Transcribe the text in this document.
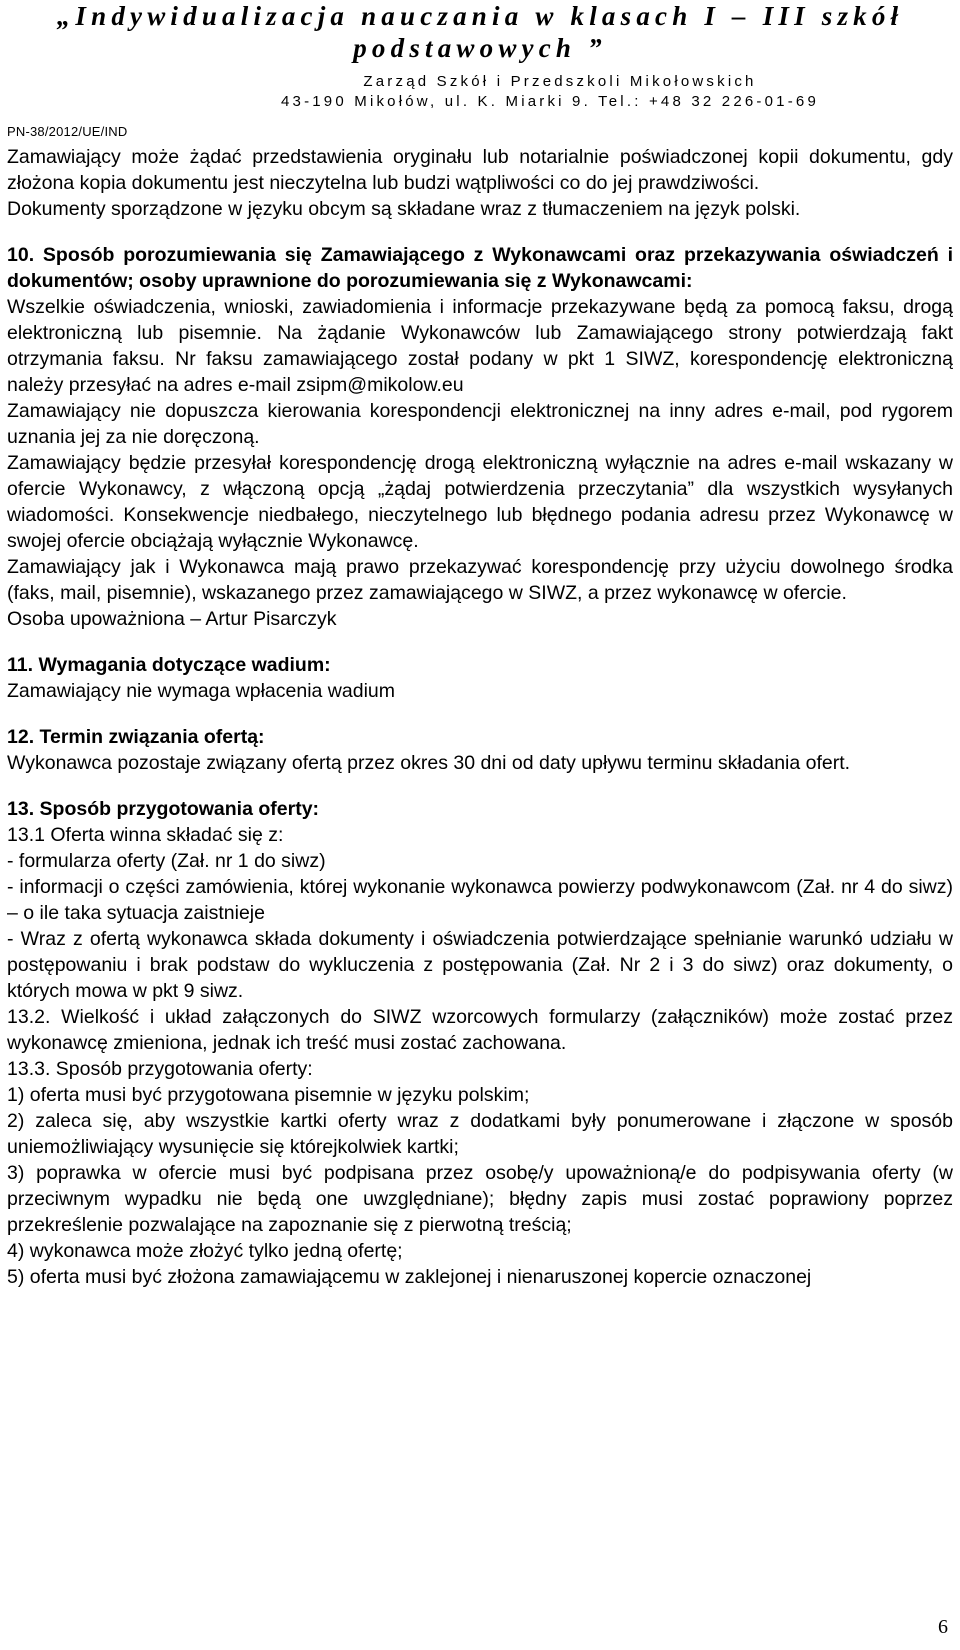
„Indywidualizacja nauczania w klasach I – III szkół
podstawowych ”
Zarząd Szkół i Przedszkoli Mikołowskich
43-190 Mikołów, ul. K. Miarki 9. Tel.: +48 32 226-01-69
PN-38/2012/UE/IND

Zamawiający może żądać przedstawienia oryginału lub notarialnie poświadczonej kopii dokumentu, gdy złożona kopia dokumentu jest nieczytelna lub budzi wątpliwości co do jej prawdziwości.

Dokumenty sporządzone w języku obcym są składane wraz z tłumaczeniem na język polski.

10. Sposób porozumiewania się Zamawiającego z Wykonawcami oraz przekazywania oświadczeń i dokumentów; osoby uprawnione do porozumiewania się z Wykonawcami:

Wszelkie oświadczenia, wnioski, zawiadomienia i informacje przekazywane będą za pomocą faksu, drogą elektroniczną lub pisemnie. Na żądanie Wykonawców lub Zamawiającego strony potwierdzają fakt otrzymania faksu. Nr faksu zamawiającego został podany w pkt 1 SIWZ, korespondencję elektroniczną należy przesyłać na adres e-mail zsipm@mikolow.eu

Zamawiający nie dopuszcza kierowania korespondencji elektronicznej na inny adres e-mail, pod rygorem uznania jej za nie doręczoną.

Zamawiający będzie przesyłał korespondencję drogą elektroniczną wyłącznie na adres e-mail wskazany w ofercie Wykonawcy, z włączoną opcją „żądaj potwierdzenia przeczytania” dla wszystkich wysyłanych wiadomości. Konsekwencje niedbałego, nieczytelnego lub błędnego podania adresu przez Wykonawcę w swojej ofercie obciążają wyłącznie Wykonawcę.

Zamawiający jak i Wykonawca mają prawo przekazywać korespondencję przy użyciu dowolnego środka (faks, mail, pisemnie), wskazanego przez zamawiającego w SIWZ, a przez wykonawcę w ofercie.

Osoba upoważniona – Artur Pisarczyk

11. Wymagania dotyczące wadium:

Zamawiający nie wymaga wpłacenia wadium

12. Termin związania ofertą:

Wykonawca pozostaje związany ofertą przez okres 30 dni od daty upływu terminu składania ofert.

13. Sposób przygotowania oferty:

13.1 Oferta winna składać się z:

- formularza oferty (Zał. nr 1 do siwz)

- informacji o części zamówienia, której wykonanie wykonawca powierzy podwykonawcom (Zał. nr 4 do siwz) – o ile taka sytuacja zaistnieje

- Wraz z ofertą wykonawca składa dokumenty i oświadczenia potwierdzające spełnianie warunkó udziału w postępowaniu i brak podstaw do wykluczenia z postępowania (Zał. Nr 2 i 3 do siwz) oraz dokumenty, o których mowa w pkt 9 siwz.

13.2. Wielkość i układ załączonych do SIWZ wzorcowych formularzy (załączników) może zostać przez wykonawcę zmieniona, jednak ich treść musi zostać zachowana.

13.3. Sposób przygotowania oferty:

1) oferta musi być przygotowana pisemnie w języku polskim;

2) zaleca się, aby wszystkie kartki oferty wraz z dodatkami były ponumerowane i złączone w sposób uniemożliwiający wysunięcie się którejkolwiek kartki;

3) poprawka w ofercie musi być podpisana przez osobę/y upoważnioną/e do podpisywania oferty (w przeciwnym wypadku nie będą one uwzględniane); błędny zapis musi zostać poprawiony poprzez przekreślenie pozwalające na zapoznanie się z pierwotną treścią;

4) wykonawca może złożyć tylko jedną ofertę;

5) oferta musi być złożona zamawiającemu w zaklejonej i nienaruszonej kopercie oznaczonej

6
